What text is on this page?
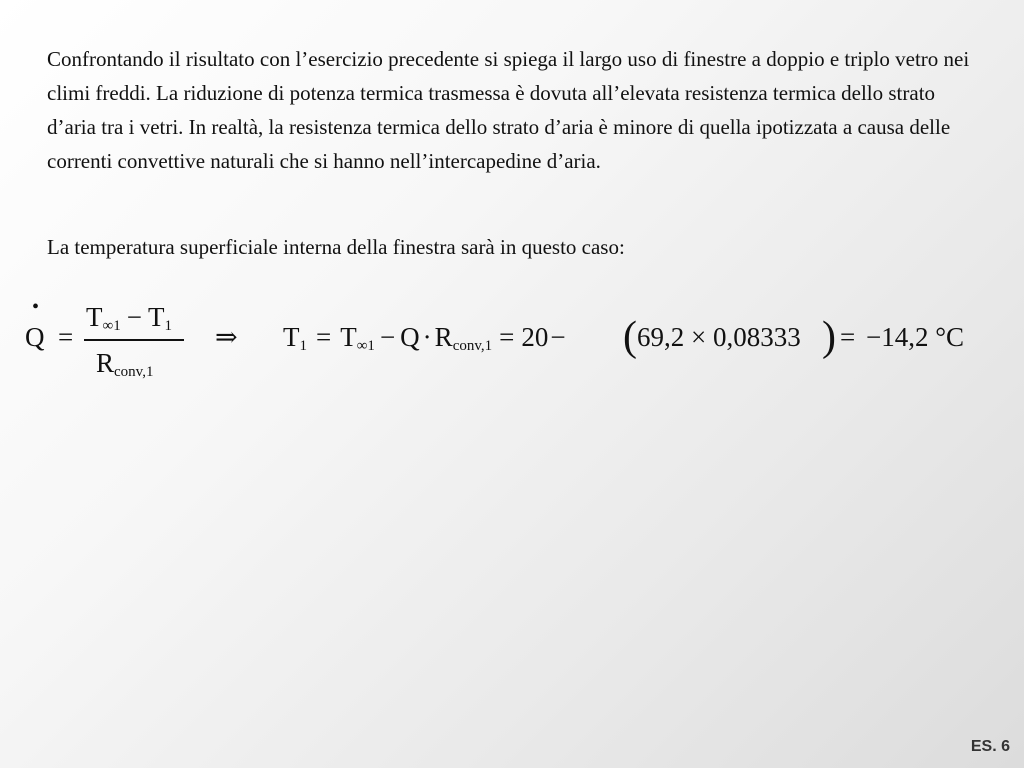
Confrontando il risultato con l’esercizio precedente si spiega il largo uso di finestre a doppio e triplo vetro nei climi freddi. La riduzione di potenza termica trasmessa è dovuta all’elevata resistenza termica dello strato d’aria tra i vetri. In realtà, la resistenza termica dello strato d’aria è minore di quella ipotizzata a causa delle correnti convettive naturali che si hanno nell’intercapedine d’aria.

La temperatura superficiale interna della finestra sarà in questo caso:

•
Q =
$T_{\infty 1} - T_1$
$R_{conv,1}$
⇒ $T_1 = T_{\infty 1} - Q \cdot R_{conv,1} = 20-$ ( 69,2 × 0,08333 ) = −14,2 °C
ES. 6
